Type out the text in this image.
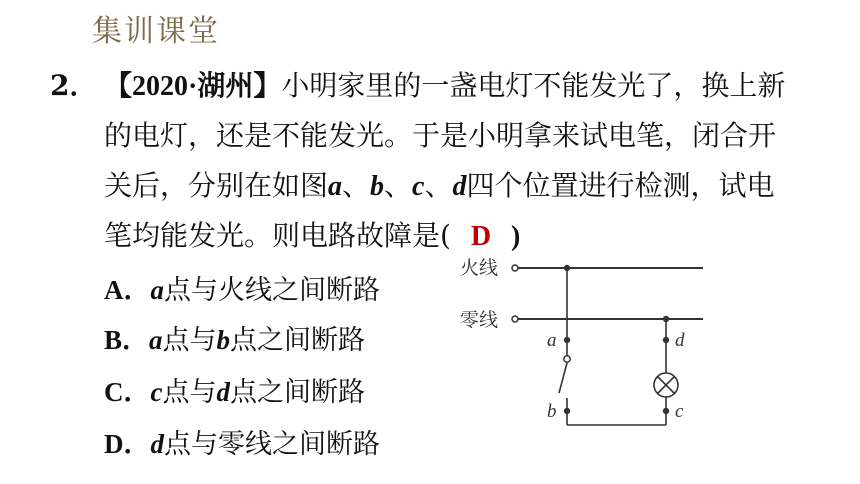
集训课堂
2． 【2020·湖州】小明家里的一盏电灯不能发光了，换上新
的电灯，还是不能发光。于是小明拿来试电笔，闭合开
关后，分别在如图a、b、c、d四个位置进行检测，试电
笔均能发光。则电路故障是( D )
A．a点与火线之间断路
B．a点与b点之间断路
C．c点与d点之间断路
D．d点与零线之间断路
火线
零线
a
b
d
c
